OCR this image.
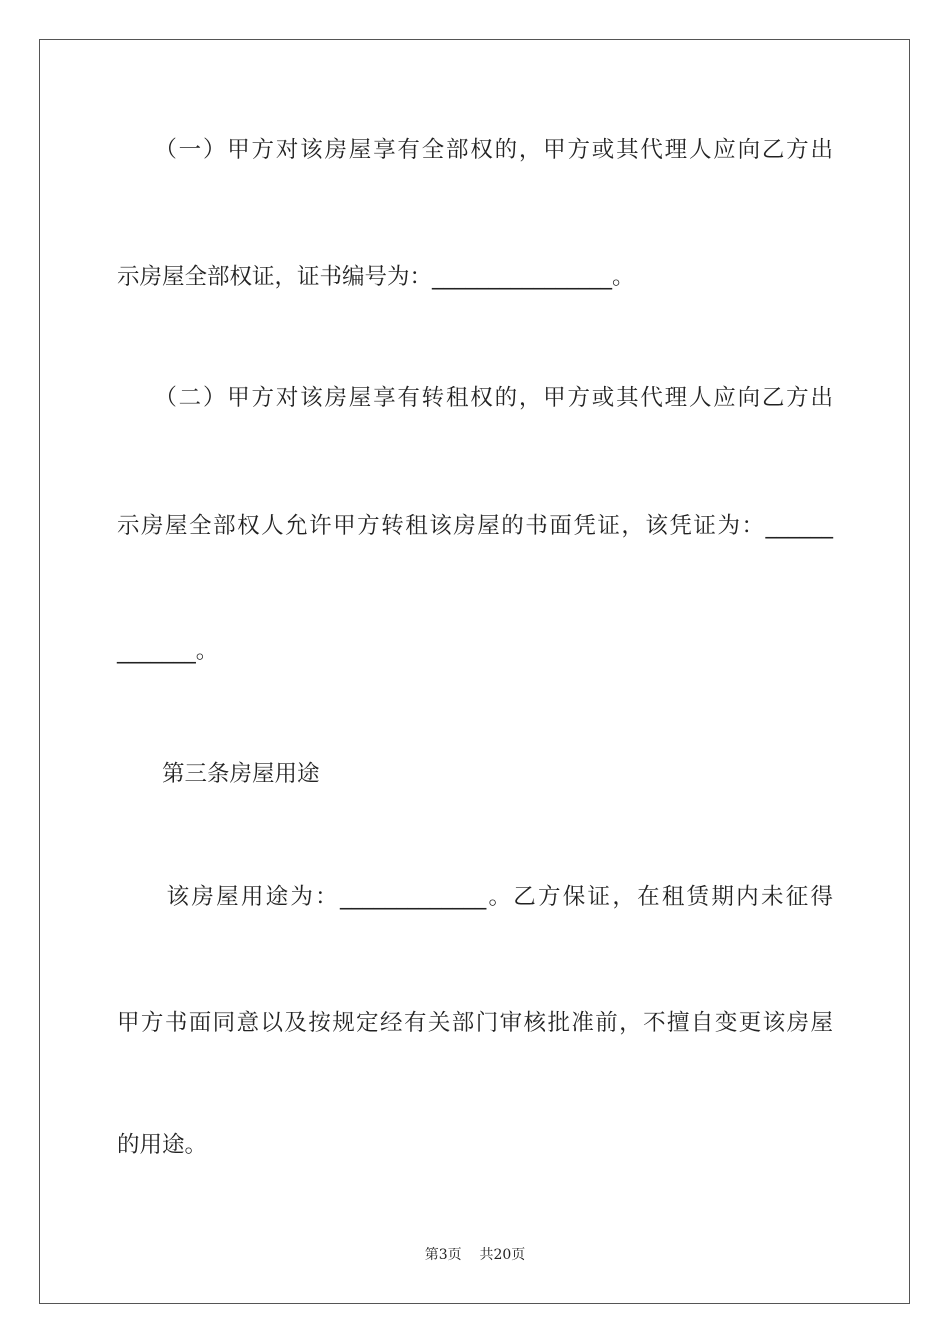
　　（一）甲方对该房屋享有全部权的，甲方或其代理人应向乙方出
示房屋全部权证，证书编号为：________________。
　　（二）甲方对该房屋享有转租权的，甲方或其代理人应向乙方出
示房屋全部权人允许甲方转租该房屋的书面凭证，该凭证为：______
_______。
　　第三条房屋用途
　　该房屋用途为：_____________。乙方保证，在租赁期内未征得
甲方书面同意以及按规定经有关部门审核批准前，不擅自变更该房屋
的用途。
第3页 共20页
